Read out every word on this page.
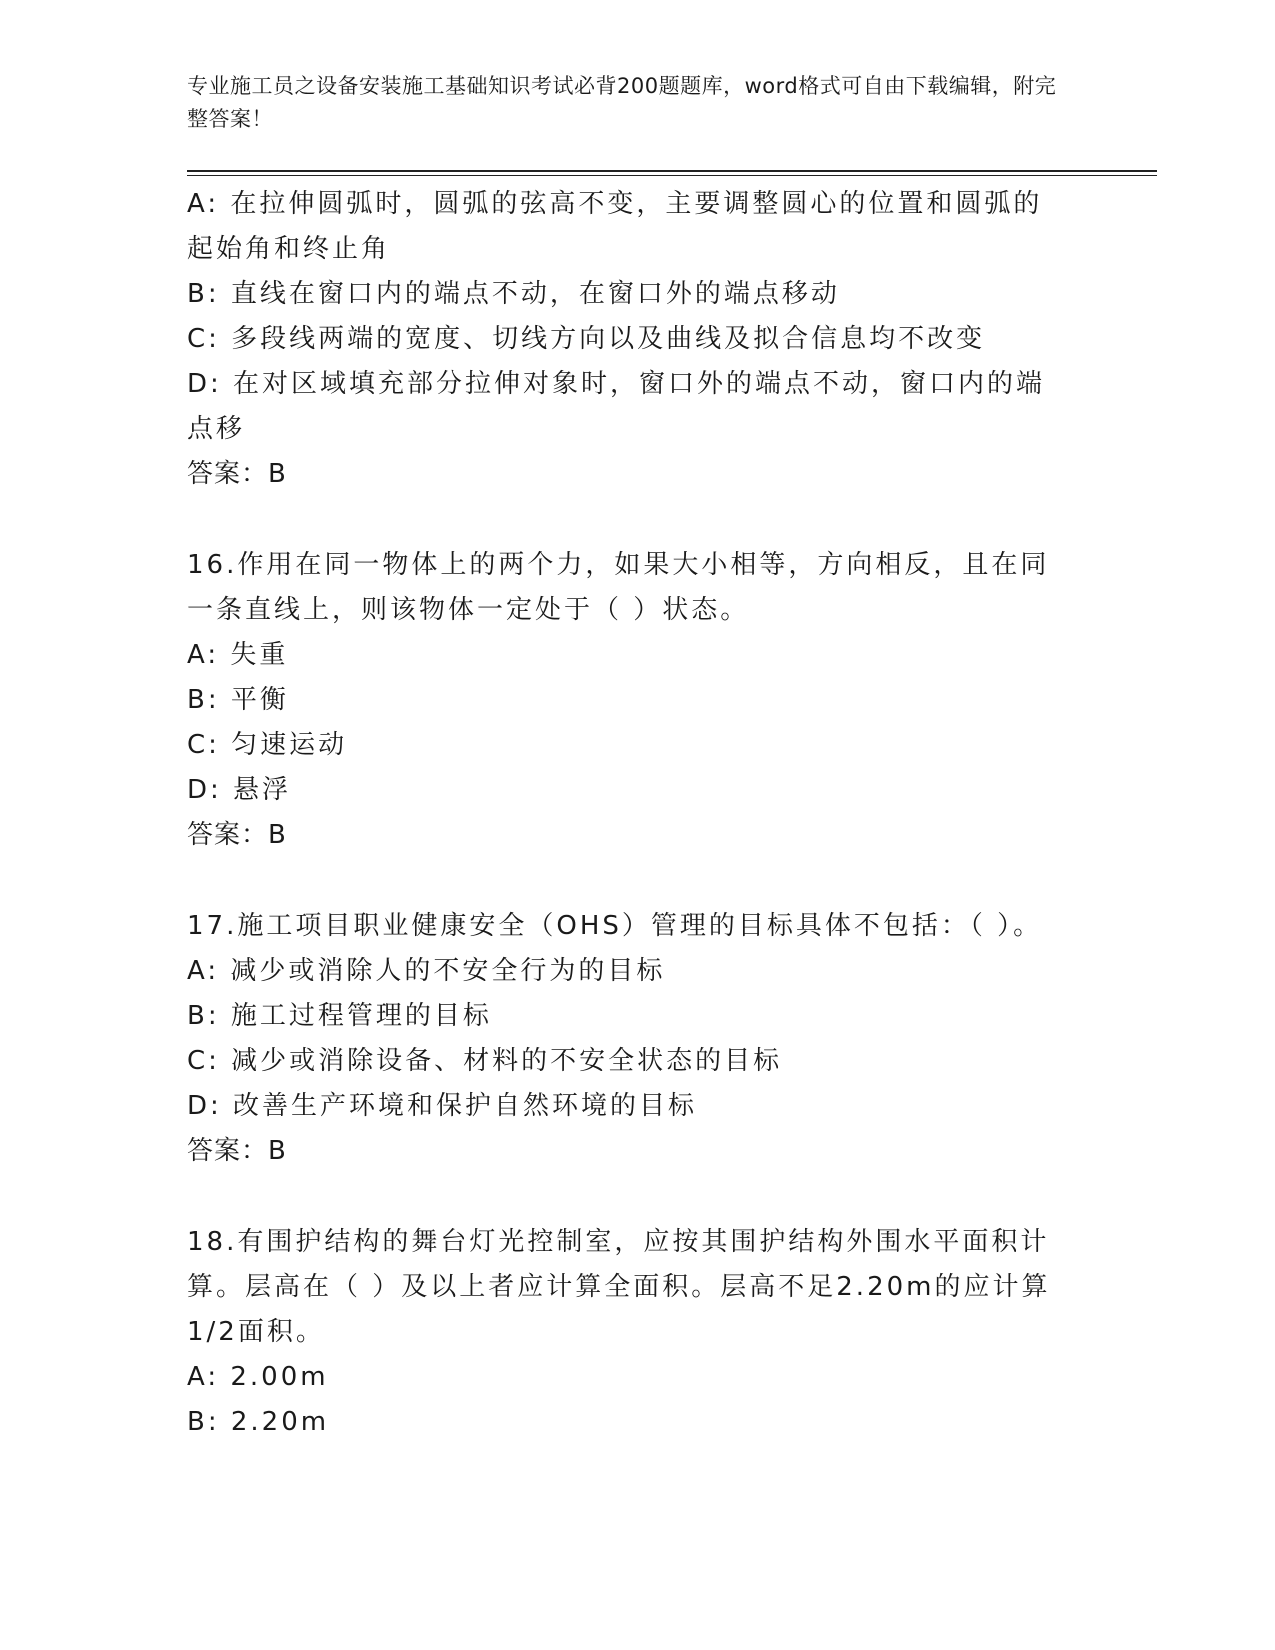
专业施工员之设备安装施工基础知识考试必背200题题库，word格式可自由下载编辑，附完整答案！

A: 在拉伸圆弧时，圆弧的弦高不变，主要调整圆心的位置和圆弧的起始角和终止角

B: 直线在窗口内的端点不动，在窗口外的端点移动

C: 多段线两端的宽度、切线方向以及曲线及拟合信息均不改变

D: 在对区域填充部分拉伸对象时，窗口外的端点不动，窗口内的端点移

答案：B

16.作用在同一物体上的两个力，如果大小相等，方向相反，且在同一条直线上，则该物体一定处于（ ）状态。

A: 失重

B: 平衡

C: 匀速运动

D: 悬浮

答案：B

17.施工项目职业健康安全（OHS）管理的目标具体不包括：（ ）。

A: 减少或消除人的不安全行为的目标

B: 施工过程管理的目标

C: 减少或消除设备、材料的不安全状态的目标

D: 改善生产环境和保护自然环境的目标

答案：B

18.有围护结构的舞台灯光控制室，应按其围护结构外围水平面积计算。层高在（ ）及以上者应计算全面积。层高不足2.20m的应计算1/2面积。

A: 2.00m

B: 2.20m
